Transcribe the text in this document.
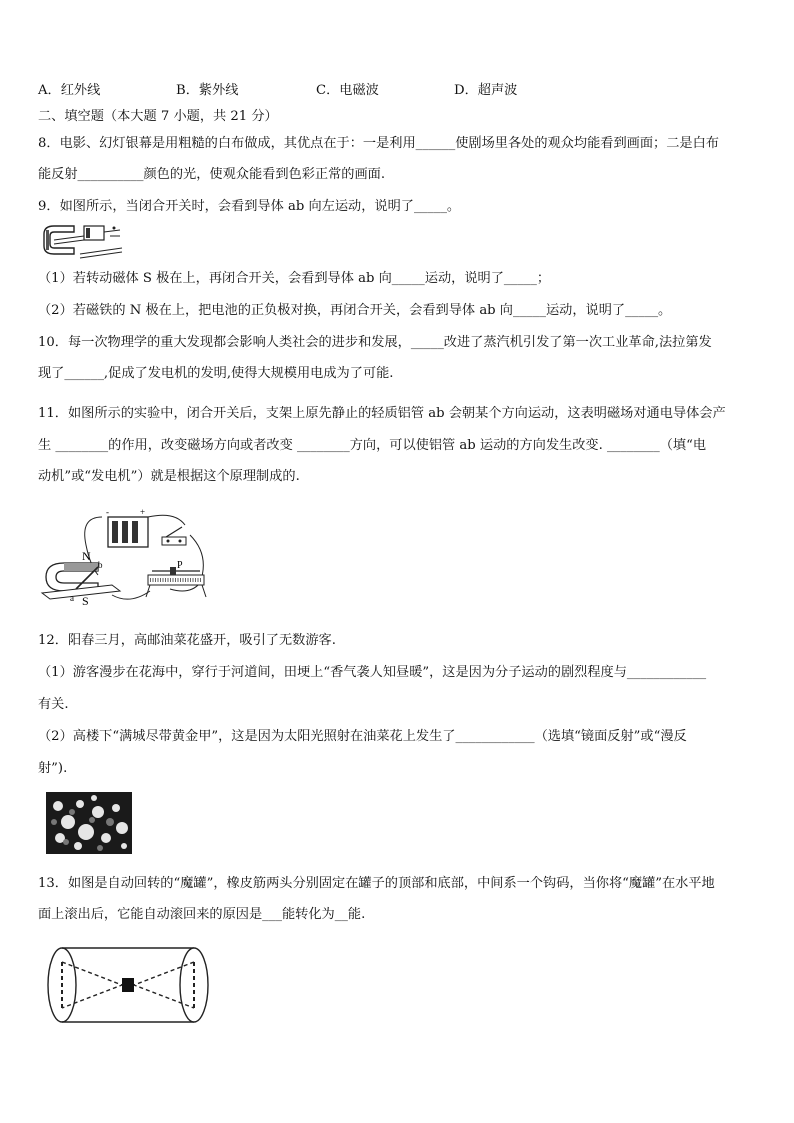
A．红外线	B．紫外线	C．电磁波	D．超声波
二、填空题（本大题 7 小题，共 21 分）
8．电影、幻灯银幕是用粗糙的白布做成，其优点在于：一是利用______使剧场里各处的观众均能看到画面；二是白布
能反射__________颜色的光，使观众能看到色彩正常的画面.
9．如图所示，当闭合开关时，会看到导体 ab 向左运动，说明了_____。
（1）若转动磁体 S 极在上，再闭合开关，会看到导体 ab 向_____运动，说明了_____；
（2）若磁铁的 N 极在上，把电池的正负极对换，再闭合开关，会看到导体 ab 向_____运动，说明了_____。
10．每一次物理学的重大发现都会影响人类社会的进步和发展，_____改进了蒸汽机引发了第一次工业革命,法拉第发
现了______,促成了发电机的发明,使得大规模用电成为了可能.
11．如图所示的实验中，闭合开关后，支架上原先静止的轻质铝管 ab 会朝某个方向运动，这表明磁场对通电导体会产
生 ________的作用，改变磁场方向或者改变 ________方向，可以使铝管 ab 运动的方向发生改变. ________（填“电
动机”或“发电机”）就是根据这个原理制成的.
-	+
P
N
b
a S
12．阳春三月，高邮油菜花盛开，吸引了无数游客.
（1）游客漫步在花海中，穿行于河道间，田埂上“香气袭人知昼暖”，这是因为分子运动的剧烈程度与____________
有关.
（2）高楼下“满城尽带黄金甲”，这是因为太阳光照射在油菜花上发生了____________（选填“镜面反射”或“漫反
射”).
13．如图是自动回转的“魔罐”，橡皮筋两头分别固定在罐子的顶部和底部，中间系一个钩码，当你将“魔罐”在水平地
面上滚出后，它能自动滚回来的原因是___能转化为__能.
